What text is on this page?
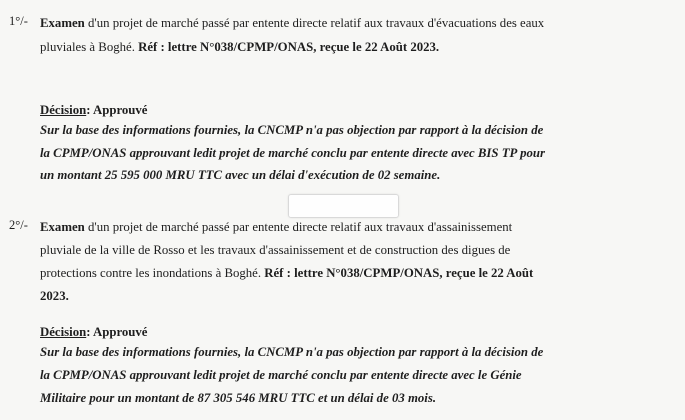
1°/- Examen d'un projet de marché passé par entente directe relatif aux travaux d'évacuations des eaux
pluviales à Boghé. Réf : lettre N°038/CPMP/ONAS, reçue le 22 Août 2023.
Décision: Approuvé
Sur la base des informations fournies, la CNCMP n'a pas objection par rapport à la décision de
la CPMP/ONAS approuvant ledit projet de marché conclu par entente directe avec BIS TP pour
un montant 25 595 000 MRU TTC avec un délai d'exécution de 02 semaine.
2°/- Examen d'un projet de marché passé par entente directe relatif aux travaux d'assainissement
pluviale de la ville de Rosso et les travaux d'assainissement et de construction des digues de
protections contre les inondations à Boghé. Réf : lettre N°038/CPMP/ONAS, reçue le 22 Août
2023.
Décision: Approuvé
Sur la base des informations fournies, la CNCMP n'a pas objection par rapport à la décision de
la CPMP/ONAS approuvant ledit projet de marché conclu par entente directe avec le Génie
Militaire pour un montant de 87 305 546 MRU TTC et un délai de 03 mois.
